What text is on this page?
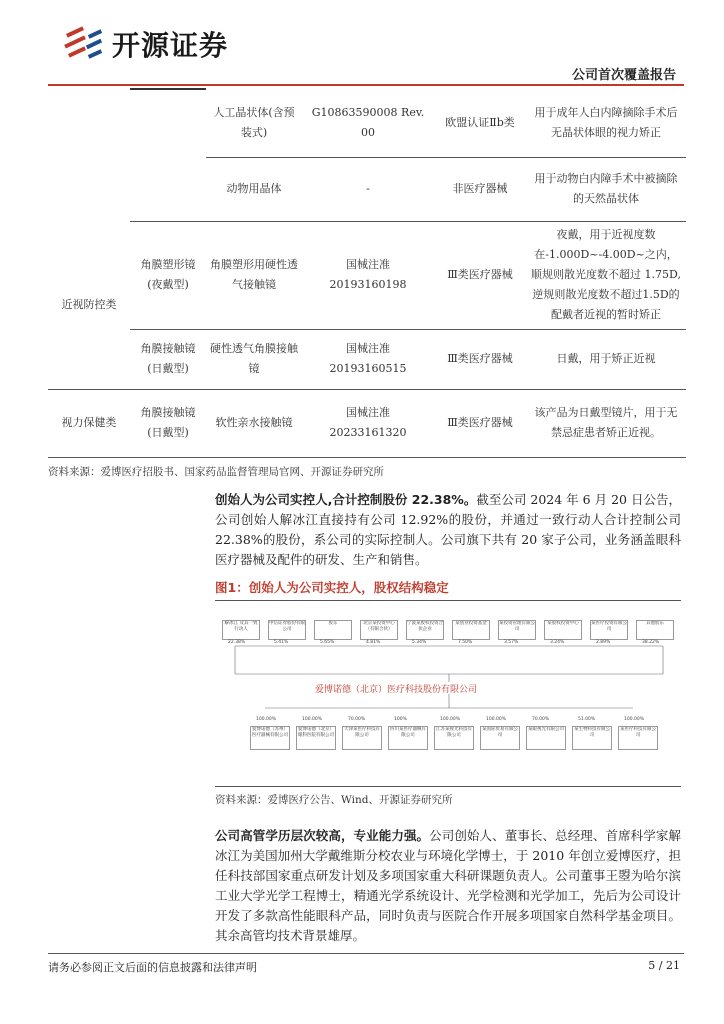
开源证券
公司首次覆盖报告
		人工晶状体(含预装式)	G10863590008 Rev. 00	欧盟认证Ⅱb类	用于成年人白内障摘除手术后无晶状体眼的视力矫正
		动物用晶体	-	非医疗器械	用于动物白内障手术中被摘除的天然晶状体
近视防控类	角膜塑形镜(夜戴型)	角膜塑形用硬性透气接触镜	国械注准 20193160198	Ⅲ类医疗器械	夜戴，用于近视度数在-1.000D~-4.00D~之内，顺规则散光度数不超过 1.75D,逆规则散光度数不超过1.5D的配戴者近视的暂时矫正
	角膜接触镜(日戴型)	硬性透气角膜接触镜	国械注准 20193160515	Ⅲ类医疗器械	日戴，用于矫正近视
视力保健类	角膜接触镜(日戴型)	软性亲水接触镜	国械注准 20233161320	Ⅲ类医疗器械	该产品为日戴型镜片，用于无禁忌症患者矫正近视。
资料来源：爱博医疗招股书、国家药品监督管理局官网、开源证券研究所
创始人为公司实控人,合计控制股份 22.38%。截至公司 2024 年 6 月 20 日公告，公司创始人解冰江直接持有公司 12.92%的股份，并通过一致行动人合计控制公司 22.38%的股份，系公司的实际控制人。公司旗下共有 20 家子公司，业务涵盖眼科医疗器械及配件的研发、生产和销售。
图1：创始人为公司实控人，股权结构稳定
解冰江 及其一致行动人
22.38%
中信证券股份有限公司
5.41%
股东
5.65%
北京某投资中心（有限合伙）
4.81%
宁波某股权投资合伙企业
5.34%
某创业投资基金
7.50%
某投资管理有限公司
3.57%
某股权投资中心
3.24%
某医疗投资有限公司
2.89%
其他股东
38.22%
爱博诺德（北京）医疗科技股份有限公司
爱博诺德（苏州）医疗器械有限公司
100.00%
爱博诺德（北京）眼科医院有限公司
100.00%
天津某医疗科技有限公司
70.00%
四川某医疗器械有限公司
100%
江苏某视光科技有限公司
100.00%
某国际贸易有限公司
100.00%
某眼视光有限公司
70.00%
某生物科技有限公司
51.00%
某医疗科技有限公司
100.00%
资料来源：爱博医疗公告、Wind、开源证券研究所
公司高管学历层次较高，专业能力强。公司创始人、董事长、总经理、首席科学家解冰江为美国加州大学戴维斯分校农业与环境化学博士，于 2010 年创立爱博医疗，担任科技部国家重点研发计划及多项国家重大科研课题负责人。公司董事王曌为哈尔滨工业大学光学工程博士，精通光学系统设计、光学检测和光学加工，先后为公司设计开发了多款高性能眼科产品，同时负责与医院合作开展多项国家自然科学基金项目。其余高管均技术背景雄厚。
请务必参阅正文后面的信息披露和法律声明	5 / 21
